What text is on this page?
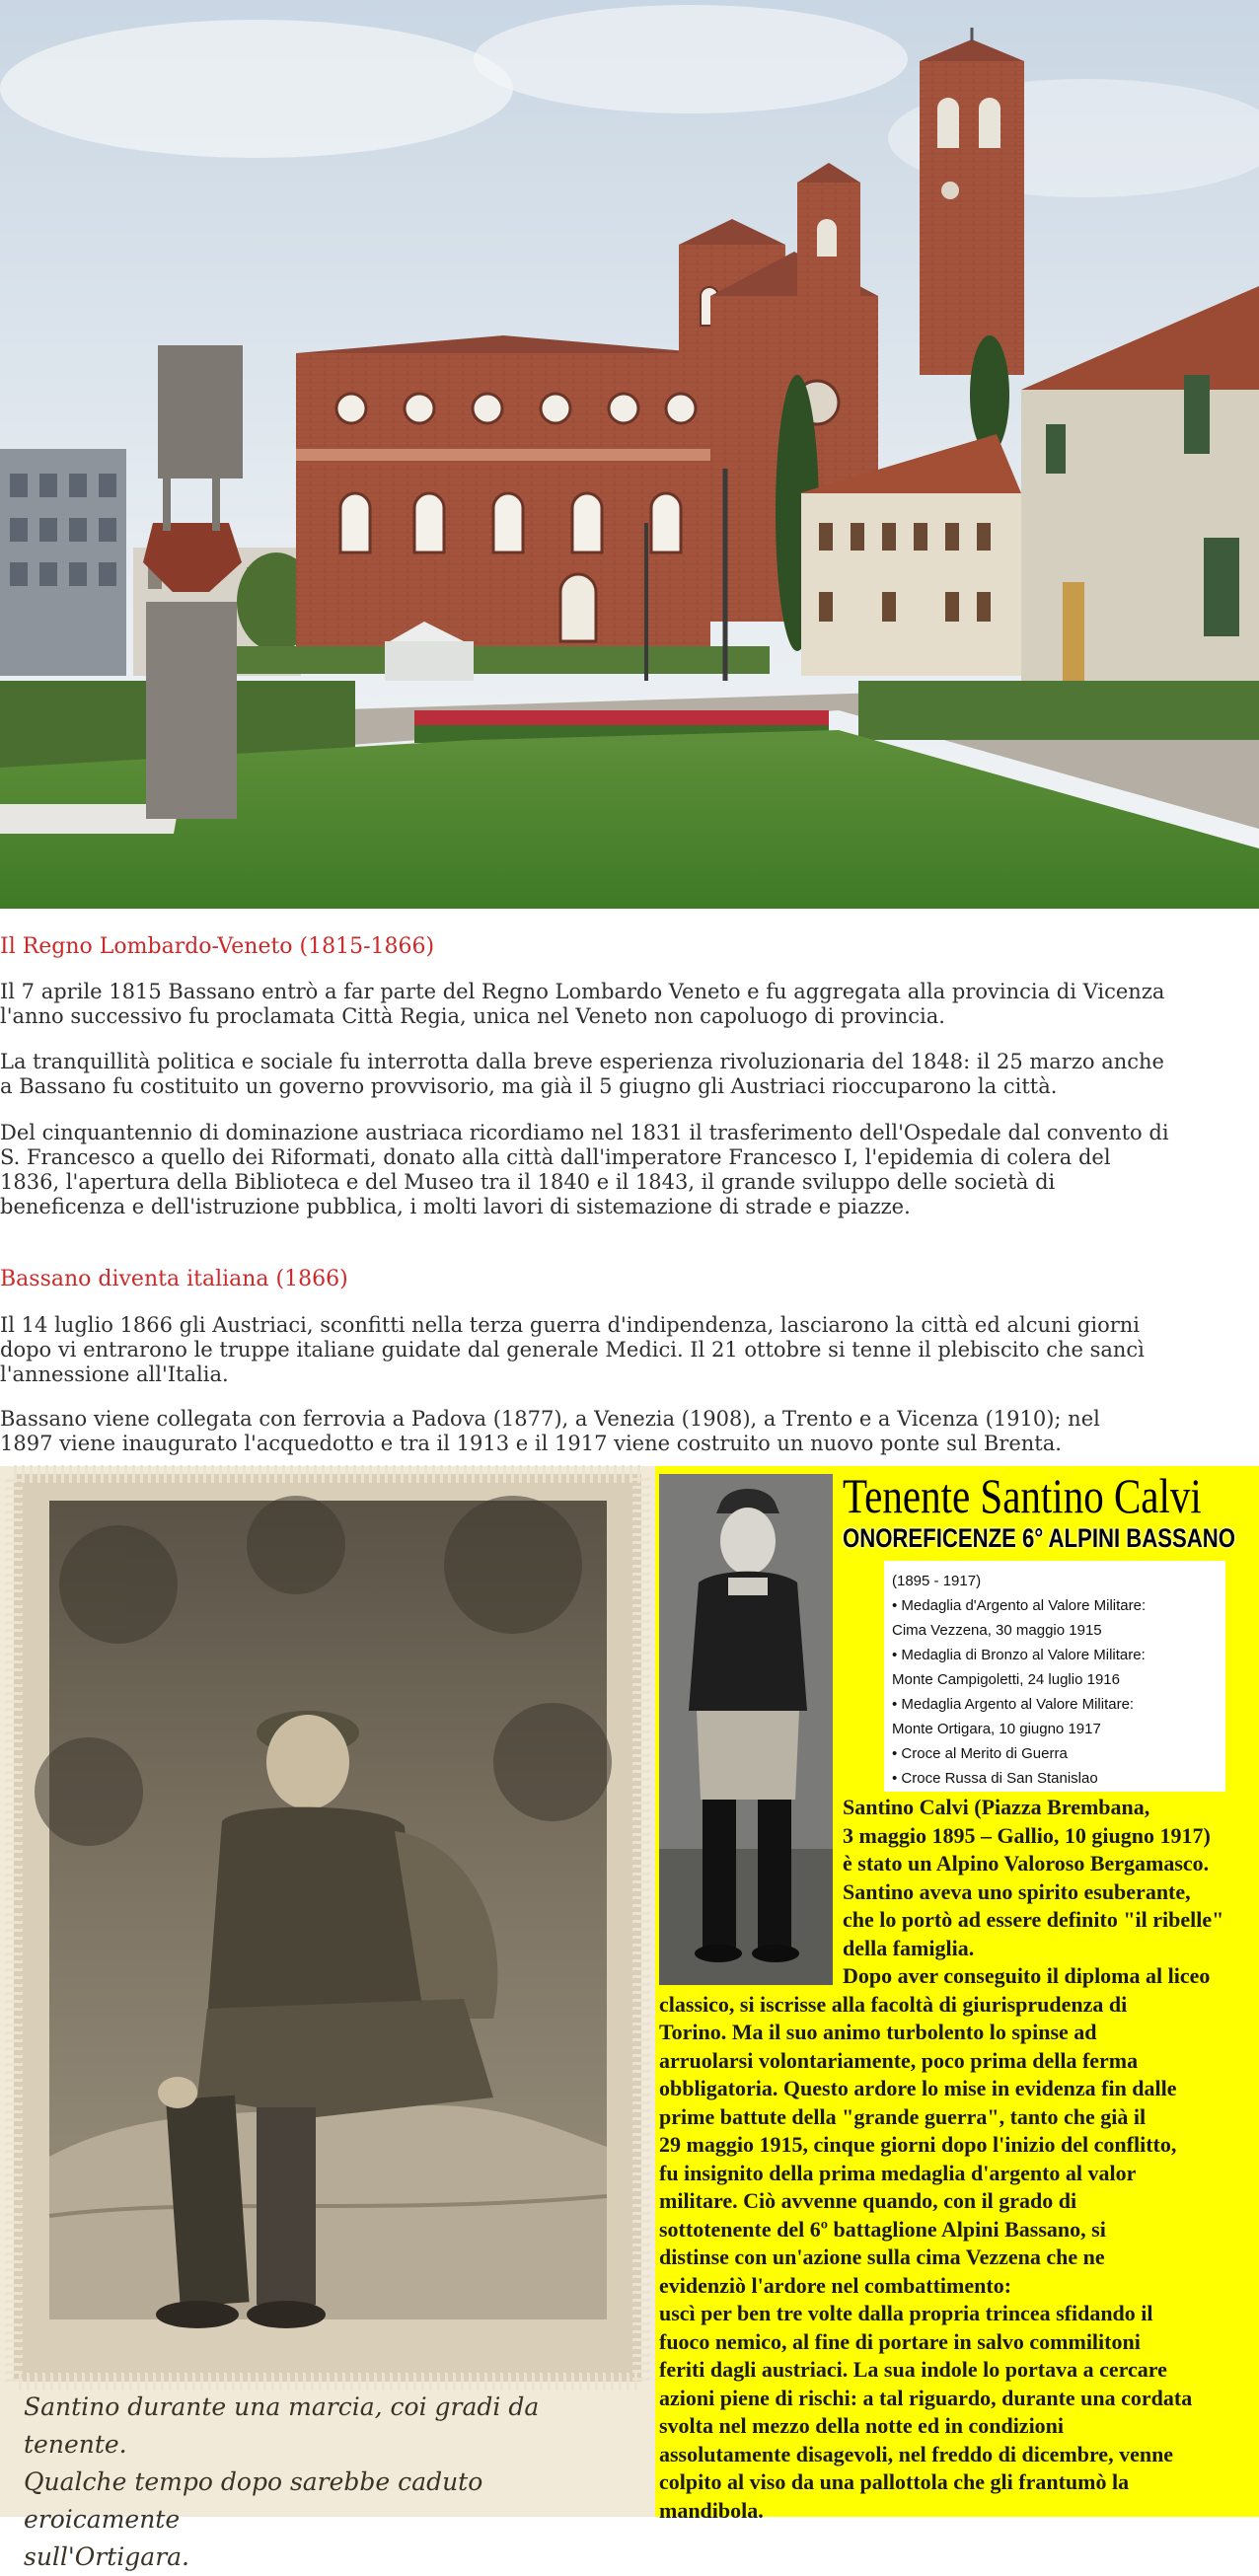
Il Regno Lombardo-Veneto (1815-1866)

Il 7 aprile 1815 Bassano entrò a far parte del Regno Lombardo Veneto e fu aggregata alla provincia di Vicenza
l'anno successivo fu proclamata Città Regia, unica nel Veneto non capoluogo di provincia.

La tranquillità politica e sociale fu interrotta dalla breve esperienza rivoluzionaria del 1848: il 25 marzo anche
a Bassano fu costituito un governo provvisorio, ma già il 5 giugno gli Austriaci rioccuparono la città.

Del cinquantennio di dominazione austriaca ricordiamo nel 1831 il trasferimento dell'Ospedale dal convento di
S. Francesco a quello dei Riformati, donato alla città dall'imperatore Francesco I, l'epidemia di colera del
1836, l'apertura della Biblioteca e del Museo tra il 1840 e il 1843, il grande sviluppo delle società di
beneficenza e dell'istruzione pubblica, i molti lavori di sistemazione di strade e piazze.

Bassano diventa italiana (1866)

Il 14 luglio 1866 gli Austriaci, sconfitti nella terza guerra d'indipendenza, lasciarono la città ed alcuni giorni
dopo vi entrarono le truppe italiane guidate dal generale Medici. Il 21 ottobre si tenne il plebiscito che sancì
l'annessione all'Italia.

Bassano viene collegata con ferrovia a Padova (1877), a Venezia (1908), a Trento e a Vicenza (1910); nel
1897 viene inaugurato l'acquedotto e tra il 1913 e il 1917 viene costruito un nuovo ponte sul Brenta.

Santino durante una marcia, coi gradi da tenente.
Qualche tempo dopo sarebbe caduto eroicamente
sull'Ortigara.
Tenente Santino Calvi
ONOREFICENZE 6° ALPINI BASSANO
(1895 - 1917)
• Medaglia d'Argento al Valore Militare:
Cima Vezzena, 30 maggio 1915
• Medaglia di Bronzo al Valore Militare:
Monte Campigoletti, 24 luglio 1916
• Medaglia Argento al Valore Militare:
Monte Ortigara, 10 giugno 1917
• Croce al Merito di Guerra
• Croce Russa di San Stanislao
Santino Calvi (Piazza Brembana,
3 maggio 1895 – Gallio, 10 giugno 1917)
è stato un Alpino Valoroso Bergamasco.
Santino aveva uno spirito esuberante,
che lo portò ad essere definito "il ribelle"
della famiglia.
Dopo aver conseguito il diploma al liceo
classico, si iscrisse alla facoltà di giurisprudenza di
Torino. Ma il suo animo turbolento lo spinse ad
arruolarsi volontariamente, poco prima della ferma
obbligatoria. Questo ardore lo mise in evidenza fin dalle
prime battute della "grande guerra", tanto che già il
29 maggio 1915, cinque giorni dopo l'inizio del conflitto,
fu insignito della prima medaglia d'argento al valor
militare. Ciò avvenne quando, con il grado di
sottotenente del 6º battaglione Alpini Bassano, si
distinse con un'azione sulla cima Vezzena che ne
evidenziò l'ardore nel combattimento:
uscì per ben tre volte dalla propria trincea sfidando il
fuoco nemico, al fine di portare in salvo commilitoni
feriti dagli austriaci. La sua indole lo portava a cercare
azioni piene di rischi: a tal riguardo, durante una cordata
svolta nel mezzo della notte ed in condizioni
assolutamente disagevoli, nel freddo di dicembre, venne
colpito al viso da una pallottola che gli frantumò la
mandibola.
